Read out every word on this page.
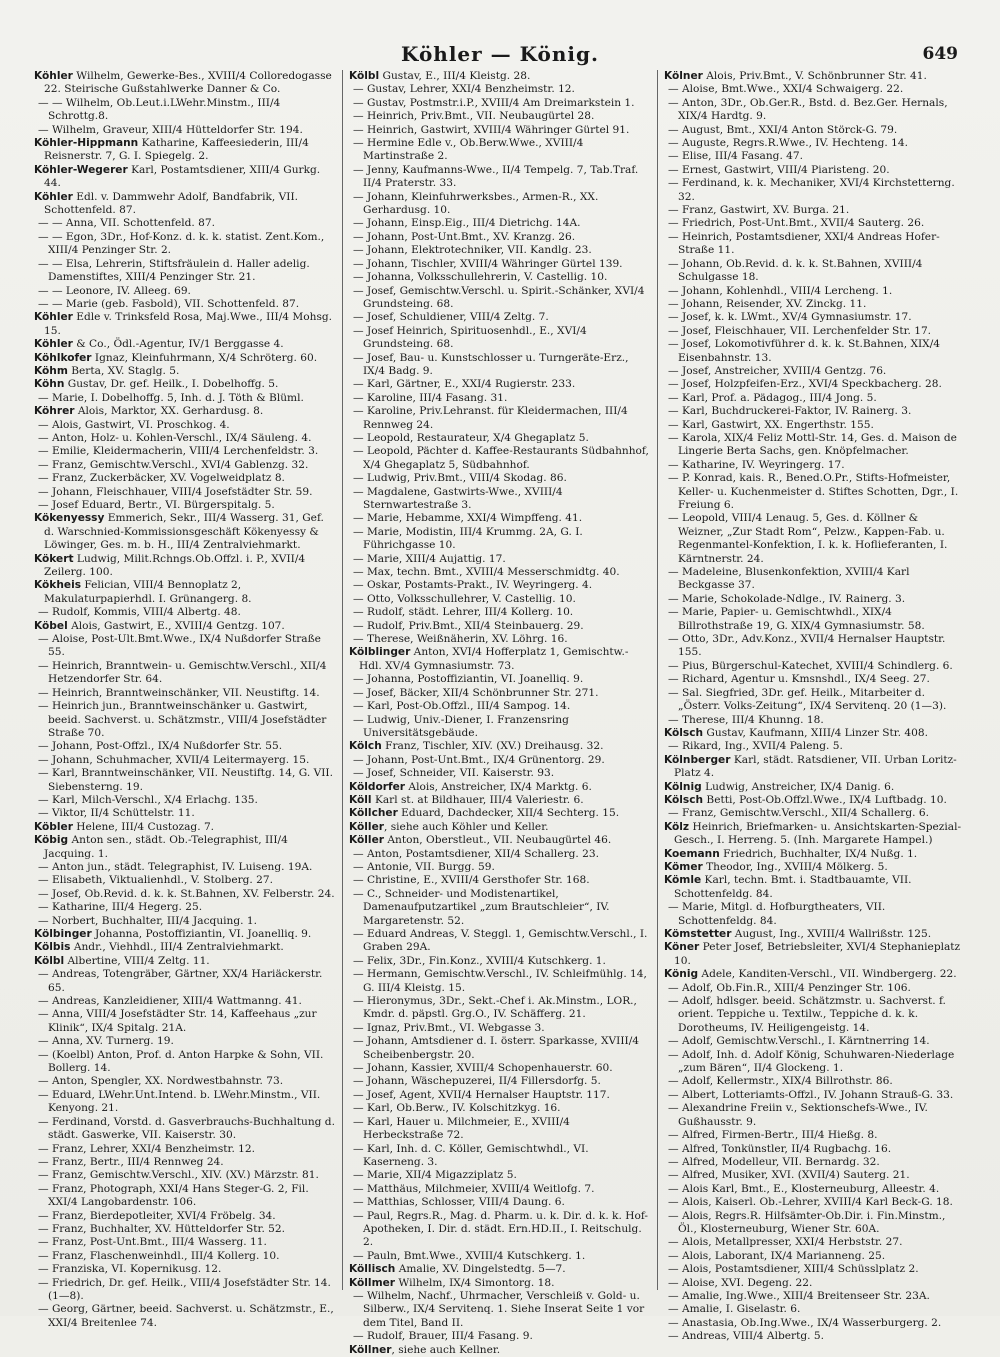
Köhler — König.	649
Köhler Wilhelm, Gewerke-Bes., XVIII/4 Colloredogasse 22. Steirische Gußstahlwerke Danner & Co.
— — Wilhelm, Ob.Leut.i.LWehr.Minstm., III/4 Schrottg.8.
— Wilhelm, Graveur, XIII/4 Hütteldorfer Str. 194.
Köhler-Hippmann Katharine, Kaffeesiederin, III/4 Reisnerstr. 7, G. I. Spiegelg. 2.
Köhler-Wegerer Karl, Postamtsdiener, XIII/4 Gurkg. 44.
Köhler Edl. v. Dammwehr Adolf, Bandfabrik, VII. Schottenfeld. 87.
— — Anna, VII. Schottenfeld. 87.
— — Egon, 3Dr., Hof-Konz. d. k. k. statist. Zent.Kom., XIII/4 Penzinger Str. 2.
— — Elsa, Lehrerin, Stiftsfräulein d. Haller adelig. Damenstiftes, XIII/4 Penzinger Str. 21.
— — Leonore, IV. Alleeg. 69.
— — Marie (geb. Fasbold), VII. Schottenfeld. 87.
Köhler Edle v. Trinksfeld Rosa, Maj.Wwe., III/4 Mohsg. 15.
Köhler & Co., Ödl.-Agentur, IV/1 Berggasse 4.
Köhlkofer Ignaz, Kleinfuhrmann, X/4 Schröterg. 60.
Köhm Berta, XV. Staglg. 5.
Köhn Gustav, Dr. gef. Heilk., I. Dobelhoffg. 5.
— Marie, I. Dobelhoffg. 5, Inh. d. J. Töth & Blüml.
Köhrer Alois, Marktor, XX. Gerhardusg. 8.
— Alois, Gastwirt, VI. Proschkog. 4.
— Anton, Holz- u. Kohlen-Verschl., IX/4 Säuleng. 4.
— Emilie, Kleidermacherin, VIII/4 Lerchenfeldstr. 3.
— Franz, Gemischtw.Verschl., XVI/4 Gablenzg. 32.
— Franz, Zuckerbäcker, XV. Vogelweidplatz 8.
— Johann, Fleischhauer, VIII/4 Josefstädter Str. 59.
— Josef Eduard, Bertr., VI. Bürgerspitalg. 5.
Kökenyessy Emmerich, Sekr., III/4 Wasserg. 31, Gef. d. Warschnied-Kommissionsgeschäft Kökenyessy & Löwinger, Ges. m. b. H., III/4 Zentralviehmarkt.
Kökert Ludwig, Milit.Rchngs.Ob.Offzl. i. P., XVII/4 Zeilerg. 100.
Kökheis Felician, VIII/4 Bennoplatz 2, Makulaturpapierhdl. I. Grünangerg. 8.
— Rudolf, Kommis, VIII/4 Albertg. 48.
Köbel Alois, Gastwirt, E., XVIII/4 Gentzg. 107.
— Aloise, Post-Ult.Bmt.Wwe., IX/4 Nußdorfer Straße 55.
— Heinrich, Branntwein- u. Gemischtw.Verschl., XII/4 Hetzendorfer Str. 64.
— Heinrich, Branntweinschänker, VII. Neustiftg. 14.
— Heinrich jun., Branntweinschänker u. Gastwirt, beeid. Sachverst. u. Schätzmstr., VIII/4 Josefstädter Straße 70.
— Johann, Post-Offzl., IX/4 Nußdorfer Str. 55.
— Johann, Schuhmacher, XVII/4 Leitermayerg. 15.
— Karl, Branntweinschänker, VII. Neustiftg. 14, G. VII. Siebensterng. 19.
— Karl, Milch-Verschl., X/4 Erlachg. 135.
— Viktor, II/4 Schüttelstr. 11.
Köbler Helene, III/4 Custozag. 7.
Köbig Anton sen., städt. Ob.-Telegraphist, III/4 Jacquing. 1.
— Anton jun., städt. Telegraphist, IV. Luiseng. 19A.
— Elisabeth, Viktualienhdl., V. Stolberg. 27.
— Josef, Ob.Revid. d. k. k. St.Bahnen, XV. Felberstr. 24.
— Katharine, III/4 Hegerg. 25.
— Norbert, Buchhalter, III/4 Jacquing. 1.
Kölbinger Johanna, Postoffiziantin, VI. Joanelliq. 9.
Kölbis Andr., Viehhdl., III/4 Zentralviehmarkt.
Kölbl Albertine, VIII/4 Zeltg. 11.
— Andreas, Totengräber, Gärtner, XX/4 Hariäckerstr. 65.
— Andreas, Kanzleidiener, XIII/4 Wattmanng. 41.
— Anna, VIII/4 Josefstädter Str. 14, Kaffeehaus „zur Klinik“, IX/4 Spitalg. 21A.
— Anna, XV. Turnerg. 19.
— (Koelbl) Anton, Prof. d. Anton Harpke & Sohn, VII. Bollerg. 14.
— Anton, Spengler, XX. Nordwestbahnstr. 73.
— Eduard, LWehr.Unt.Intend. b. LWehr.Minstm., VII. Kenyong. 21.
— Ferdinand, Vorstd. d. Gasverbrauchs-Buchhaltung d. städt. Gaswerke, VII. Kaiserstr. 30.
— Franz, Lehrer, XXI/4 Benzheimstr. 12.
— Franz, Bertr., III/4 Rennweg 24.
— Franz, Gemischtw.Verschl., XIV. (XV.) Märzstr. 81.
— Franz, Photograph, XXI/4 Hans Steger-G. 2, Fil. XXI/4 Langobardenstr. 106.
— Franz, Bierdepotleiter, XVI/4 Fröbelg. 34.
— Franz, Buchhalter, XV. Hütteldorfer Str. 52.
— Franz, Post-Unt.Bmt., III/4 Wasserg. 11.
— Franz, Flaschenweinhdl., III/4 Kollerg. 10.
— Franziska, VI. Kopernikusg. 12.
— Friedrich, Dr. gef. Heilk., VIII/4 Josefstädter Str. 14. (1—8).
— Georg, Gärtner, beeid. Sachverst. u. Schätzmstr., E., XXI/4 Breitenlee 74.
Kölbl Gustav, E., III/4 Kleistg. 28.
— Gustav, Lehrer, XXI/4 Benzheimstr. 12.
— Gustav, Postmstr.i.P., XVIII/4 Am Dreimarkstein 1.
— Heinrich, Priv.Bmt., VII. Neubaugürtel 28.
— Heinrich, Gastwirt, XVIII/4 Währinger Gürtel 91.
— Hermine Edle v., Ob.Berw.Wwe., XVIII/4 Martinstraße 2.
— Jenny, Kaufmanns-Wwe., II/4 Tempelg. 7, Tab.Traf. II/4 Praterstr. 33.
— Johann, Kleinfuhrwerksbes., Armen-R., XX. Gerhardusg. 10.
— Johann, Einsp.Eig., III/4 Dietrichg. 14A.
— Johann, Post-Unt.Bmt., XV. Kranzg. 26.
— Johann, Elektrotechniker, VII. Kandlg. 23.
— Johann, Tischler, XVIII/4 Währinger Gürtel 139.
— Johanna, Volksschullehrerin, V. Castellig. 10.
— Josef, Gemischtw.Verschl. u. Spirit.-Schänker, XVI/4 Grundsteing. 68.
— Josef, Schuldiener, VIII/4 Zeltg. 7.
— Josef Heinrich, Spirituosenhdl., E., XVI/4 Grundsteing. 68.
— Josef, Bau- u. Kunstschlosser u. Turngeräte-Erz., IX/4 Badg. 9.
— Karl, Gärtner, E., XXI/4 Rugierstr. 233.
— Karoline, III/4 Fasang. 31.
— Karoline, Priv.Lehranst. für Kleidermachen, III/4 Rennweg 24.
— Leopold, Restaurateur, X/4 Ghegaplatz 5.
— Leopold, Pächter d. Kaffee-Restaurants Südbahnhof, X/4 Ghegaplatz 5, Südbahnhof.
— Ludwig, Priv.Bmt., VIII/4 Skodag. 86.
— Magdalene, Gastwirts-Wwe., XVIII/4 Sternwartestraße 3.
— Marie, Hebamme, XXI/4 Wimpffeng. 41.
— Marie, Modistin, III/4 Krummg. 2A, G. I. Führichgasse 10.
— Marie, XIII/4 Aujattig. 17.
— Max, techn. Bmt., XVIII/4 Messerschmidtg. 40.
— Oskar, Postamts-Prakt., IV. Weyringerg. 4.
— Otto, Volksschullehrer, V. Castellig. 10.
— Rudolf, städt. Lehrer, III/4 Kollerg. 10.
— Rudolf, Priv.Bmt., XII/4 Steinbauerg. 29.
— Therese, Weißnäherin, XV. Löhrg. 16.
Kölblinger Anton, XVI/4 Hofferplatz 1, Gemischtw.-Hdl. XV/4 Gymnasiumstr. 73.
— Johanna, Postoffiziantin, VI. Joanelliq. 9.
— Josef, Bäcker, XII/4 Schönbrunner Str. 271.
— Karl, Post-Ob.Offzl., III/4 Sampog. 14.
— Ludwig, Univ.-Diener, I. Franzensring Universitätsgebäude.
Kölch Franz, Tischler, XIV. (XV.) Dreihausg. 32.
— Johann, Post-Unt.Bmt., IX/4 Grünentorg. 29.
— Josef, Schneider, VII. Kaiserstr. 93.
Köldorfer Alois, Anstreicher, IX/4 Marktg. 6.
Köll Karl st. at Bildhauer, III/4 Valeriestr. 6.
Köllcher Eduard, Dachdecker, XII/4 Sechterg. 15.
Köller, siehe auch Köhler und Keller.
Köller Anton, Oberstleut., VII. Neubaugürtel 46.
— Anton, Postamtsdiener, XII/4 Schallerg. 23.
— Antonie, VII. Burgg. 59.
— Christine, E., XVIII/4 Gersthofer Str. 168.
— C., Schneider- und Modistenartikel, Damenaufputzartikel „zum Brautschleier“, IV. Margaretenstr. 52.
— Eduard Andreas, V. Steggl. 1, Gemischtw.Verschl., I. Graben 29A.
— Felix, 3Dr., Fin.Konz., XVIII/4 Kutschkerg. 1.
— Hermann, Gemischtw.Verschl., IV. Schleifmühlg. 14, G. III/4 Kleistg. 15.
— Hieronymus, 3Dr., Sekt.-Chef i. Ak.Minstm., LOR., Kmdr. d. päpstl. Grg.O., IV. Schäfferg. 21.
— Ignaz, Priv.Bmt., VI. Webgasse 3.
— Johann, Amtsdiener d. I. österr. Sparkasse, XVIII/4 Scheibenbergstr. 20.
— Johann, Kassier, XVIII/4 Schopenhauerstr. 60.
— Johann, Wäschepuzerei, II/4 Fillersdorfg. 5.
— Josef, Agent, XVII/4 Hernalser Hauptstr. 117.
— Karl, Ob.Berw., IV. Kolschitzkyg. 16.
— Karl, Hauer u. Milchmeier, E., XVIII/4 Herbeckstraße 72.
— Karl, Inh. d. C. Köller, Gemischtwhdl., VI. Kaserneng. 3.
— Marie, XII/4 Migazziplatz 5.
— Matthäus, Milchmeier, XVIII/4 Weitlofg. 7.
— Matthias, Schlosser, VIII/4 Daung. 6.
— Paul, Regrs.R., Mag. d. Pharm. u. k. Dir. d. k. k. Hof-Apotheken, I. Dir. d. städt. Ern.HD.II., I. Reitschulg. 2.
— Pauln, Bmt.Wwe., XVIII/4 Kutschkerg. 1.
Köllisch Amalie, XV. Dingelstedtg. 5—7.
Köllmer Wilhelm, IX/4 Simontorg. 18.
— Wilhelm, Nachf., Uhrmacher, Verschleiß v. Gold- u. Silberw., IX/4 Servitenq. 1. Siehe Inserat Seite 1 vor dem Titel, Band II.
— Rudolf, Brauer, III/4 Fasang. 9.
Köllner, siehe auch Kellner.
Kölner Alois, Priv.Bmt., V. Schönbrunner Str. 41.
— Aloise, Bmt.Wwe., XXI/4 Schwaigerg. 22.
— Anton, 3Dr., Ob.Ger.R., Bstd. d. Bez.Ger. Hernals, XIX/4 Hardtg. 9.
— August, Bmt., XXI/4 Anton Störck-G. 79.
— Auguste, Regrs.R.Wwe., IV. Hechteng. 14.
— Elise, III/4 Fasang. 47.
— Ernest, Gastwirt, VIII/4 Piaristeng. 20.
— Ferdinand, k. k. Mechaniker, XVI/4 Kirchstetterng. 32.
— Franz, Gastwirt, XV. Burga. 21.
— Friedrich, Post-Unt.Bmt., XVII/4 Sauterg. 26.
— Heinrich, Postamtsdiener, XXI/4 Andreas Hofer-Straße 11.
— Johann, Ob.Revid. d. k. k. St.Bahnen, XVIII/4 Schulgasse 18.
— Johann, Kohlenhdl., VIII/4 Lercheng. 1.
— Johann, Reisender, XV. Zinckg. 11.
— Josef, k. k. LWmt., XV/4 Gymnasiumstr. 17.
— Josef, Fleischhauer, VII. Lerchenfelder Str. 17.
— Josef, Lokomotivführer d. k. k. St.Bahnen, XIX/4 Eisenbahnstr. 13.
— Josef, Anstreicher, XVIII/4 Gentzg. 76.
— Josef, Holzpfeifen-Erz., XVI/4 Speckbacherg. 28.
— Karl, Prof. a. Pädagog., III/4 Jong. 5.
— Karl, Buchdruckerei-Faktor, IV. Rainerg. 3.
— Karl, Gastwirt, XX. Engerthstr. 155.
— Karola, XIX/4 Feliz Mottl-Str. 14, Ges. d. Maison de Lingerie Berta Sachs, gen. Knöpfelmacher.
— Katharine, IV. Weyringerg. 17.
— P. Konrad, kais. R., Bened.O.Pr., Stifts-Hofmeister, Keller- u. Kuchenmeister d. Stiftes Schotten, Dgr., I. Freiung 6.
— Leopold, VIII/4 Lenaug. 5, Ges. d. Köllner & Weizner, „Zur Stadt Rom“, Pelzw., Kappen-Fab. u. Regenmantel-Konfektion, I. k. k. Hoflieferanten, I. Kärntnerstr. 24.
— Madeleine, Blusenkonfektion, XVIII/4 Karl Beckgasse 37.
— Marie, Schokolade-Ndlge., IV. Rainerg. 3.
— Marie, Papier- u. Gemischtwhdl., XIX/4 Billrothstraße 19, G. XIX/4 Gymnasiumstr. 58.
— Otto, 3Dr., Adv.Konz., XVII/4 Hernalser Hauptstr. 155.
— Pius, Bürgerschul-Katechet, XVIII/4 Schindlerg. 6.
— Richard, Agentur u. Kmsnshdl., IX/4 Seeg. 27.
— Sal. Siegfried, 3Dr. gef. Heilk., Mitarbeiter d. „Österr. Volks-Zeitung“, IX/4 Servitenq. 20 (1—3).
— Therese, III/4 Khunng. 18.
Kölsch Gustav, Kaufmann, XIII/4 Linzer Str. 408.
— Rikard, Ing., XVII/4 Paleng. 5.
Kölnberger Karl, städt. Ratsdiener, VII. Urban Loritz-Platz 4.
Kölnig Ludwig, Anstreicher, IX/4 Danig. 6.
Kölsch Betti, Post-Ob.Offzl.Wwe., IX/4 Luftbadg. 10.
— Franz, Gemischtw.Verschl., XII/4 Schallerg. 6.
Kölz Heinrich, Briefmarken- u. Ansichtskarten-Spezial-Gesch., I. Herreng. 5. (Inh. Margarete Hampel.)
Koemann Friedrich, Buchhalter, IX/4 Nußg. 1.
Kömer Theodor, Ing., XVIII/4 Mölkerg. 5.
Kömle Karl, techn. Bmt. i. Stadtbauamte, VII. Schottenfeldg. 84.
— Marie, Mitgl. d. Hofburgtheaters, VII. Schottenfeldg. 84.
Kömstetter August, Ing., XVIII/4 Wallrißstr. 125.
Köner Peter Josef, Betriebsleiter, XVI/4 Stephanieplatz 10.
König Adele, Kanditen-Verschl., VII. Windbergerg. 22.
— Adolf, Ob.Fin.R., XIII/4 Penzinger Str. 106.
— Adolf, hdlsger. beeid. Schätzmstr. u. Sachverst. f. orient. Teppiche u. Textilw., Teppiche d. k. k. Dorotheums, IV. Heiligengeistg. 14.
— Adolf, Gemischtw.Verschl., I. Kärntnerring 14.
— Adolf, Inh. d. Adolf König, Schuhwaren-Niederlage „zum Bären“, II/4 Glockeng. 1.
— Adolf, Kellermstr., XIX/4 Billrothstr. 86.
— Albert, Lotteriamts-Offzl., IV. Johann Strauß-G. 33.
— Alexandrine Freiin v., Sektionschefs-Wwe., IV. Gußhausstr. 9.
— Alfred, Firmen-Bertr., III/4 Hießg. 8.
— Alfred, Tonkünstler, II/4 Rugbachg. 16.
— Alfred, Modelleur, VII. Bernardg. 32.
— Alfred, Musiker, XVI. (XVII/4) Sauterg. 21.
— Alois Karl, Bmt., E., Klosterneuburg, Alleestr. 4.
— Alois, Kaiserl. Ob.-Lehrer, XVIII/4 Karl Beck-G. 18.
— Alois, Regrs.R. Hilfsämter-Ob.Dir. i. Fin.Minstm., Öl., Klosterneuburg, Wiener Str. 60A.
— Alois, Metallpresser, XXI/4 Herbststr. 27.
— Alois, Laborant, IX/4 Marianneng. 25.
— Alois, Postamtsdiener, XIII/4 Schüsslplatz 2.
— Aloise, XVI. Degeng. 22.
— Amalie, Ing.Wwe., XIII/4 Breitenseer Str. 23A.
— Amalie, I. Giselastr. 6.
— Anastasia, Ob.Ing.Wwe., IX/4 Wasserburgerg. 2.
— Andreas, VIII/4 Albertg. 5.
